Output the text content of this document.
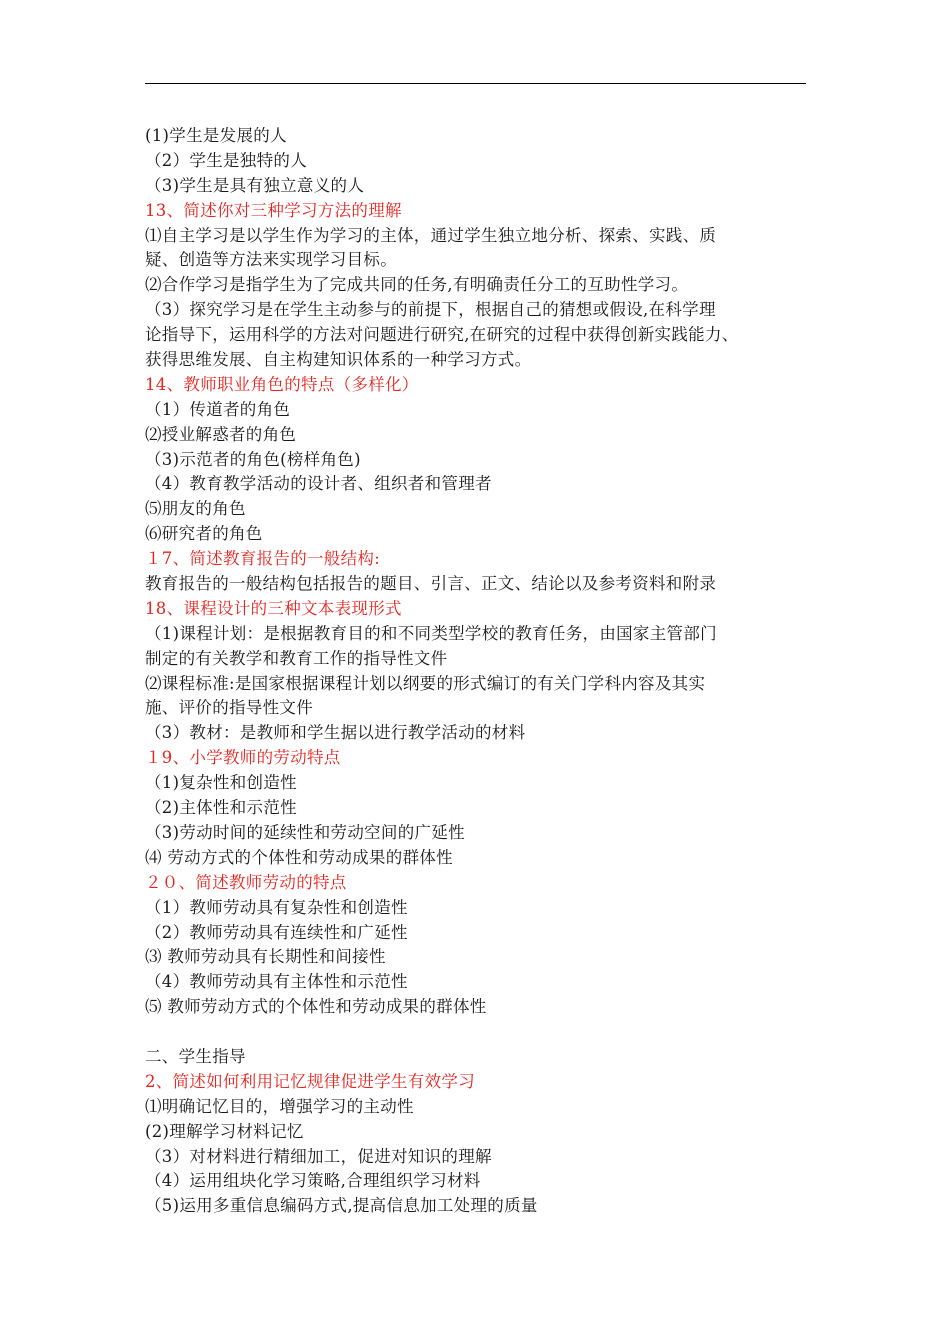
(1)学生是发展的人
（2）学生是独特的人
（3)学生是具有独立意义的人
13、简述你对三种学习方法的理解
⑴自主学习是以学生作为学习的主体，通过学生独立地分析、探索、实践、质
疑、创造等方法来实现学习目标。
⑵合作学习是指学生为了完成共同的任务,有明确责任分工的互助性学习。
（3）探究学习是在学生主动参与的前提下，根据自己的猜想或假设,在科学理
论指导下，运用科学的方法对问题进行研究,在研究的过程中获得创新实践能力、
获得思维发展、自主构建知识体系的一种学习方式。
14、教师职业角色的特点（多样化）
（1）传道者的角色
⑵授业解惑者的角色
（3)示范者的角色(榜样角色)
（4）教育教学活动的设计者、组织者和管理者
⑸朋友的角色
⑹研究者的角色
１7、简述教育报告的一般结构:
教育报告的一般结构包括报告的题目、引言、正文、结论以及参考资料和附录
18、课程设计的三种文本表现形式
（1)课程计划：是根据教育目的和不同类型学校的教育任务，由国家主管部门
制定的有关教学和教育工作的指导性文件
⑵课程标准:是国家根据课程计划以纲要的形式编订的有关门学科内容及其实
施、评价的指导性文件
（3）教材：是教师和学生据以进行教学活动的材料
１9、小学教师的劳动特点
（1)复杂性和创造性
（2)主体性和示范性
（3)劳动时间的延续性和劳动空间的广延性
⑷ 劳动方式的个体性和劳动成果的群体性
２０、简述教师劳动的特点
（1）教师劳动具有复杂性和创造性
（2）教师劳动具有连续性和广延性
⑶ 教师劳动具有长期性和间接性
（4）教师劳动具有主体性和示范性
⑸ 教师劳动方式的个体性和劳动成果的群体性
二、学生指导
2、简述如何利用记忆规律促进学生有效学习
⑴明确记忆目的，增强学习的主动性
(2)理解学习材料记忆
（3）对材料进行精细加工，促进对知识的理解
（4）运用组块化学习策略,合理组织学习材料
（5)运用多重信息编码方式,提高信息加工处理的质量
